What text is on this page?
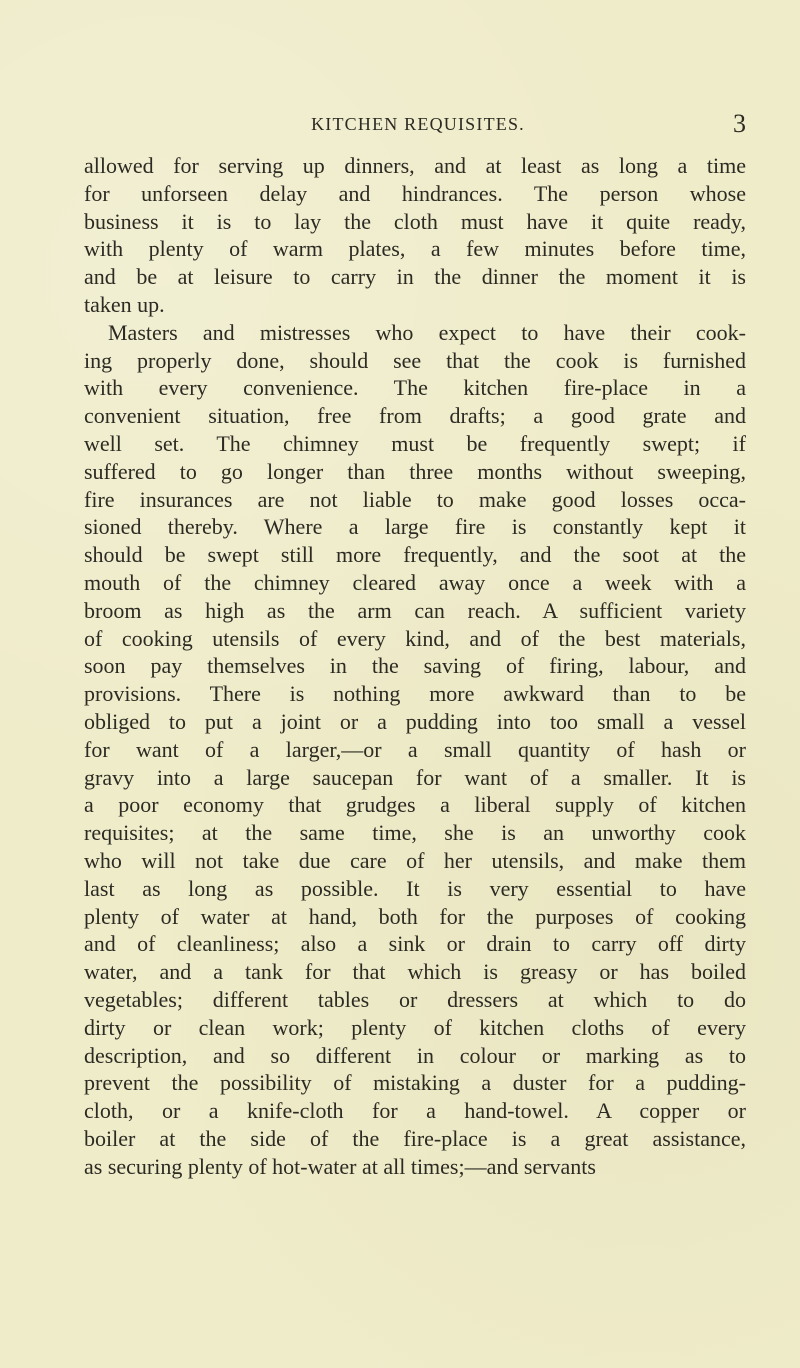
KITCHEN REQUISITES.	3
allowed for serving up dinners, and at least as long a time
for unforseen delay and hindrances. The person whose
business it is to lay the cloth must have it quite ready,
with plenty of warm plates, a few minutes before time,
and be at leisure to carry in the dinner the moment it is
taken up.
Masters and mistresses who expect to have their cook-
ing properly done, should see that the cook is furnished
with every convenience. The kitchen fire-place in a
convenient situation, free from drafts; a good grate and
well set. The chimney must be frequently swept; if
suffered to go longer than three months without sweeping,
fire insurances are not liable to make good losses occa-
sioned thereby. Where a large fire is constantly kept it
should be swept still more frequently, and the soot at the
mouth of the chimney cleared away once a week with a
broom as high as the arm can reach. A sufficient variety
of cooking utensils of every kind, and of the best materials,
soon pay themselves in the saving of firing, labour, and
provisions. There is nothing more awkward than to be
obliged to put a joint or a pudding into too small a vessel
for want of a larger,—or a small quantity of hash or
gravy into a large saucepan for want of a smaller. It is
a poor economy that grudges a liberal supply of kitchen
requisites; at the same time, she is an unworthy cook
who will not take due care of her utensils, and make them
last as long as possible. It is very essential to have
plenty of water at hand, both for the purposes of cooking
and of cleanliness; also a sink or drain to carry off dirty
water, and a tank for that which is greasy or has boiled
vegetables; different tables or dressers at which to do
dirty or clean work; plenty of kitchen cloths of every
description, and so different in colour or marking as to
prevent the possibility of mistaking a duster for a pudding-
cloth, or a knife-cloth for a hand-towel. A copper or
boiler at the side of the fire-place is a great assistance,
as securing plenty of hot-water at all times;—and servants
